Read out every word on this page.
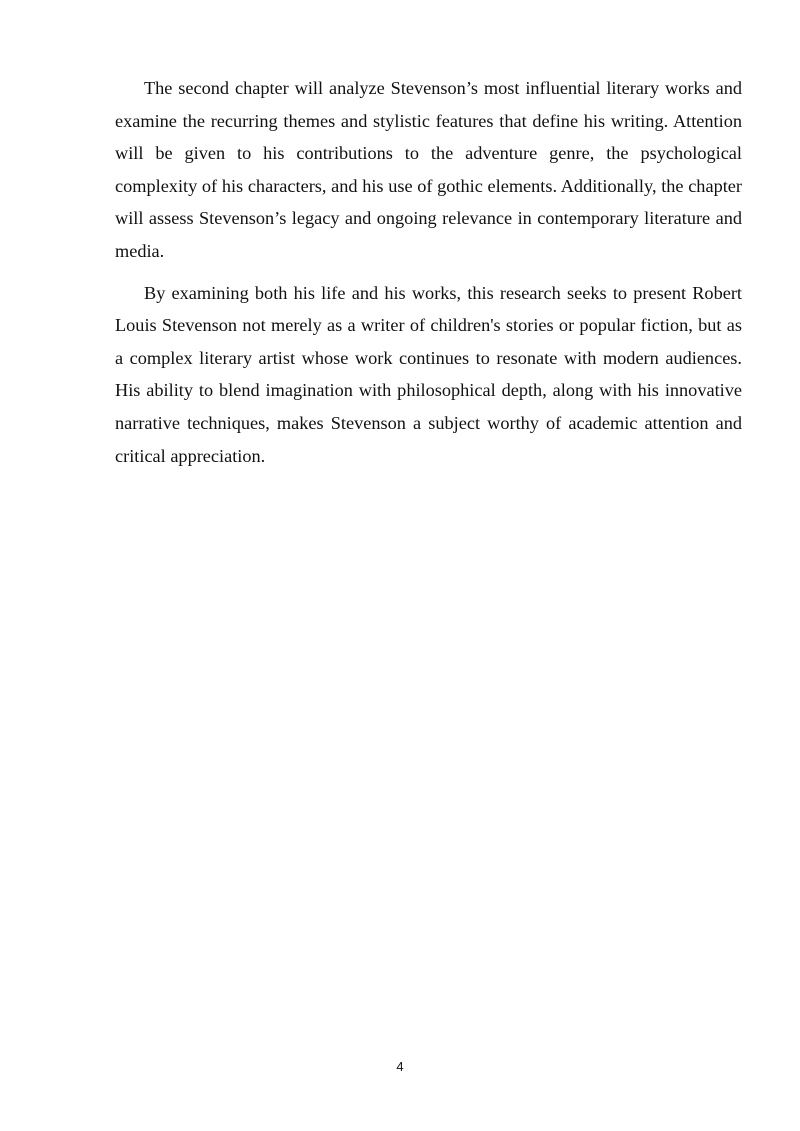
The second chapter will analyze Stevenson’s most influential literary works and examine the recurring themes and stylistic features that define his writing. Attention will be given to his contributions to the adventure genre, the psychological complexity of his characters, and his use of gothic elements. Additionally, the chapter will assess Stevenson’s legacy and ongoing relevance in contemporary literature and media.

By examining both his life and his works, this research seeks to present Robert Louis Stevenson not merely as a writer of children's stories or popular fiction, but as a complex literary artist whose work continues to resonate with modern audiences. His ability to blend imagination with philosophical depth, along with his innovative narrative techniques, makes Stevenson a subject worthy of academic attention and critical appreciation.

4
